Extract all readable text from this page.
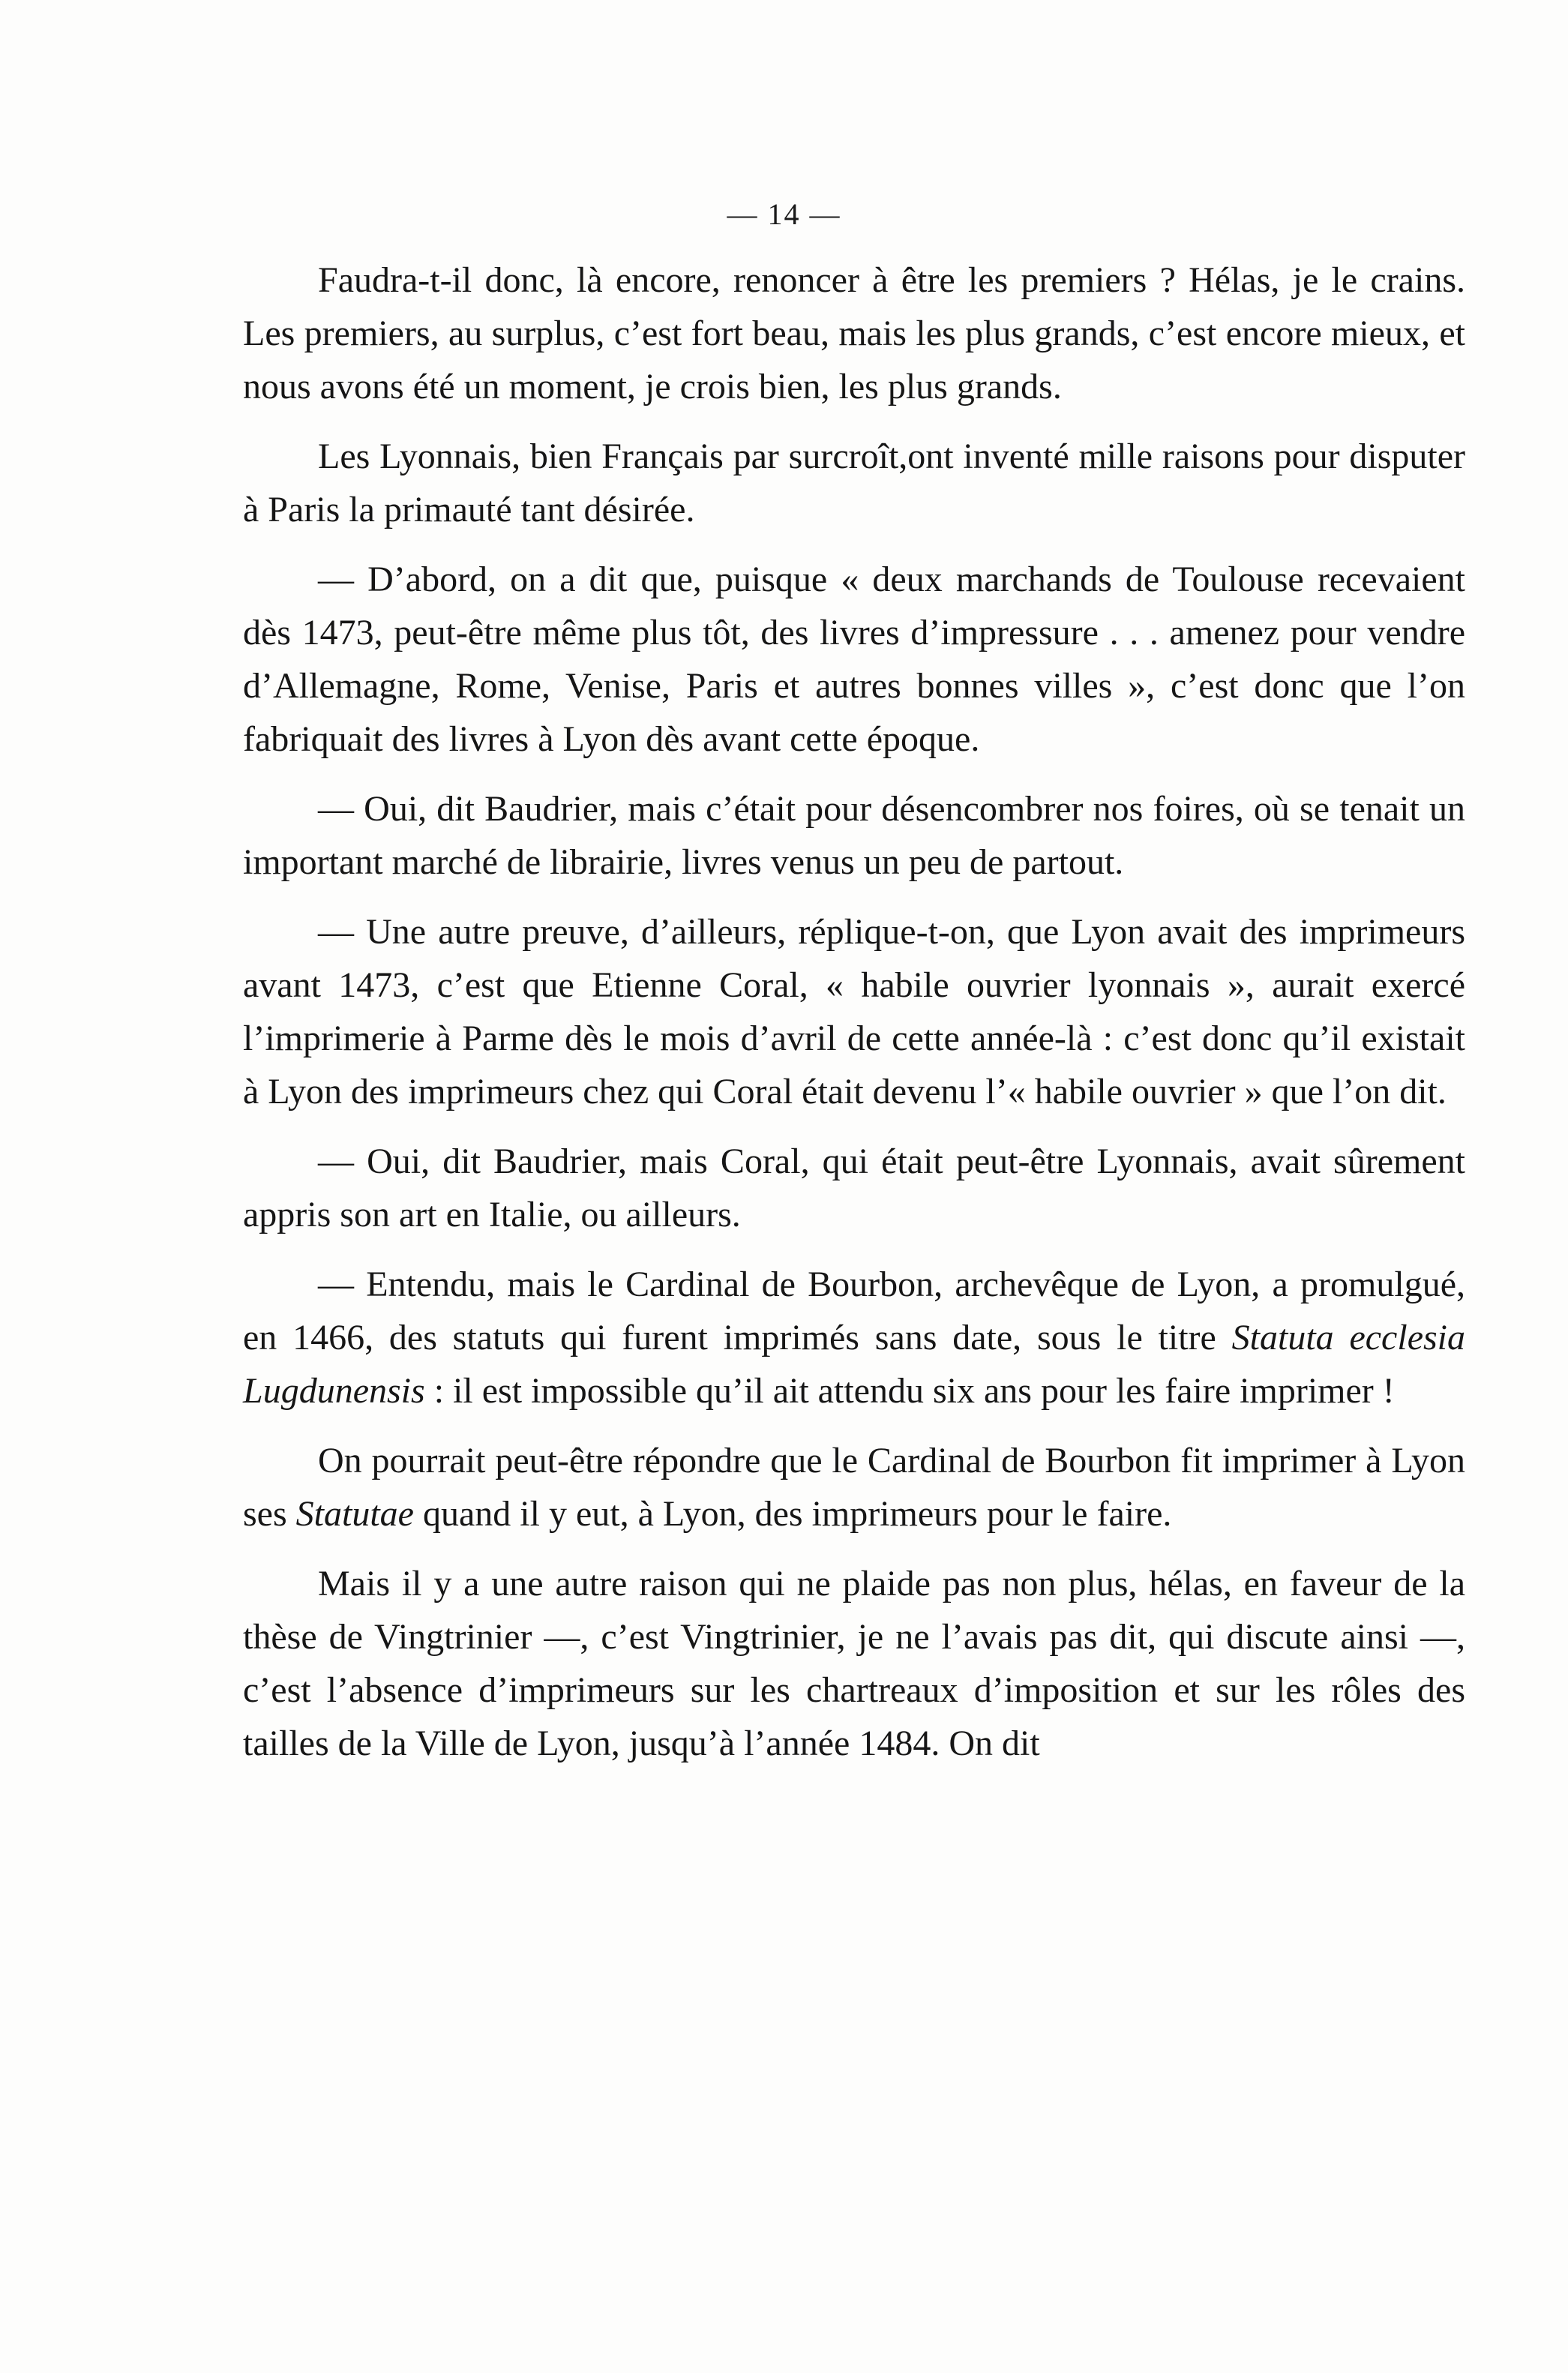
— 14 —

Faudra-t-il donc, là encore, renoncer à être les premiers ? Hélas, je le crains. Les premiers, au surplus, c’est fort beau, mais les plus grands, c’est encore mieux, et nous avons été un moment, je crois bien, les plus grands.

Les Lyonnais, bien Français par surcroît,ont inventé mille raisons pour disputer à Paris la primauté tant désirée.

— D’abord, on a dit que, puisque « deux marchands de Toulouse recevaient dès 1473, peut-être même plus tôt, des livres d’impressure . . . amenez pour vendre d’Allemagne, Rome, Venise, Paris et autres bonnes villes », c’est donc que l’on fabriquait des livres à Lyon dès avant cette époque.

— Oui, dit Baudrier, mais c’était pour désencombrer nos foires, où se tenait un important marché de librairie, livres venus un peu de partout.

— Une autre preuve, d’ailleurs, réplique-t-on, que Lyon avait des imprimeurs avant 1473, c’est que Etienne Coral, « habile ouvrier lyonnais », aurait exercé l’imprimerie à Parme dès le mois d’avril de cette année-là : c’est donc qu’il existait à Lyon des imprimeurs chez qui Coral était devenu l’« habile ouvrier » que l’on dit.

— Oui, dit Baudrier, mais Coral, qui était peut-être Lyonnais, avait sûrement appris son art en Italie, ou ailleurs.

— Entendu, mais le Cardinal de Bourbon, archevêque de Lyon, a promulgué, en 1466, des statuts qui furent imprimés sans date, sous le titre Statuta ecclesia Lugdunensis : il est impossible qu’il ait attendu six ans pour les faire imprimer !

On pourrait peut-être répondre que le Cardinal de Bourbon fit imprimer à Lyon ses Statutae quand il y eut, à Lyon, des imprimeurs pour le faire.

Mais il y a une autre raison qui ne plaide pas non plus, hélas, en faveur de la thèse de Vingtrinier —, c’est Vingtrinier, je ne l’avais pas dit, qui discute ainsi —, c’est l’absence d’imprimeurs sur les chartreaux d’imposition et sur les rôles des tailles de la Ville de Lyon, jusqu’à l’année 1484. On dit
